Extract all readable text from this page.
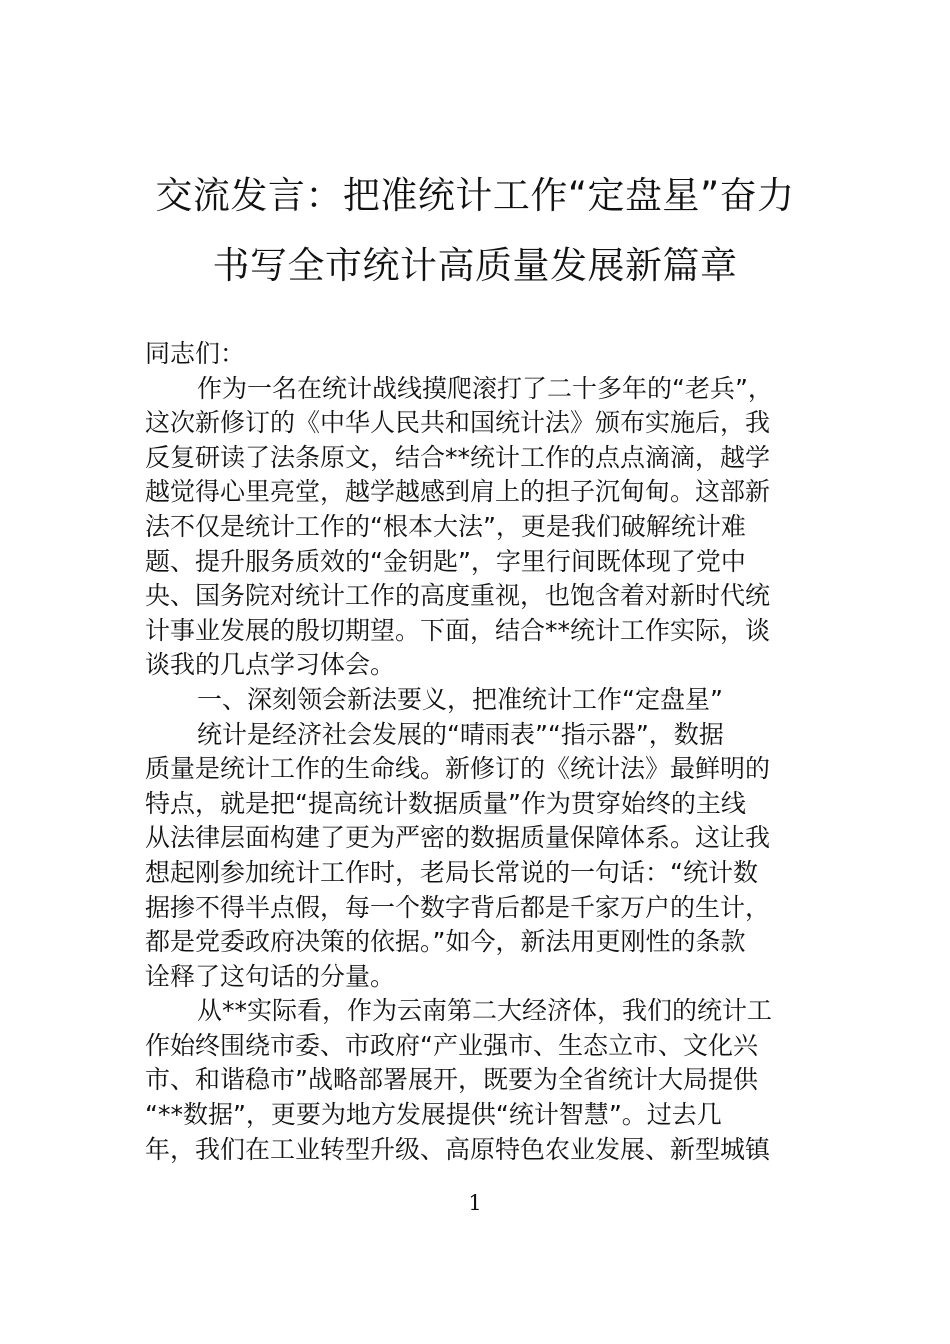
交流发言：把准统计工作“定盘星”奋力
书写全市统计高质量发展新篇章
同志们：
作为一名在统计战线摸爬滚打了二十多年的“老兵”，
这次新修订的《中华人民共和国统计法》颁布实施后，我
反复研读了法条原文，结合**统计工作的点点滴滴，越学
越觉得心里亮堂，越学越感到肩上的担子沉甸甸。这部新
法不仅是统计工作的“根本大法”，更是我们破解统计难
题、提升服务质效的“金钥匙”，字里行间既体现了党中
央、国务院对统计工作的高度重视，也饱含着对新时代统
计事业发展的殷切期望。下面，结合**统计工作实际，谈
谈我的几点学习体会。
一、深刻领会新法要义，把准统计工作“定盘星”
统计是经济社会发展的“晴雨表”“指示器”，数据
质量是统计工作的生命线。新修订的《统计法》最鲜明的
特点，就是把“提高统计数据质量”作为贯穿始终的主线
从法律层面构建了更为严密的数据质量保障体系。这让我
想起刚参加统计工作时，老局长常说的一句话：“统计数
据掺不得半点假，每一个数字背后都是千家万户的生计，
都是党委政府决策的依据。”如今，新法用更刚性的条款
诠释了这句话的分量。
从**实际看，作为云南第二大经济体，我们的统计工
作始终围绕市委、市政府“产业强市、生态立市、文化兴
市、和谐稳市”战略部署展开，既要为全省统计大局提供
“**数据”，更要为地方发展提供“统计智慧”。过去几
年，我们在工业转型升级、高原特色农业发展、新型城镇
1
